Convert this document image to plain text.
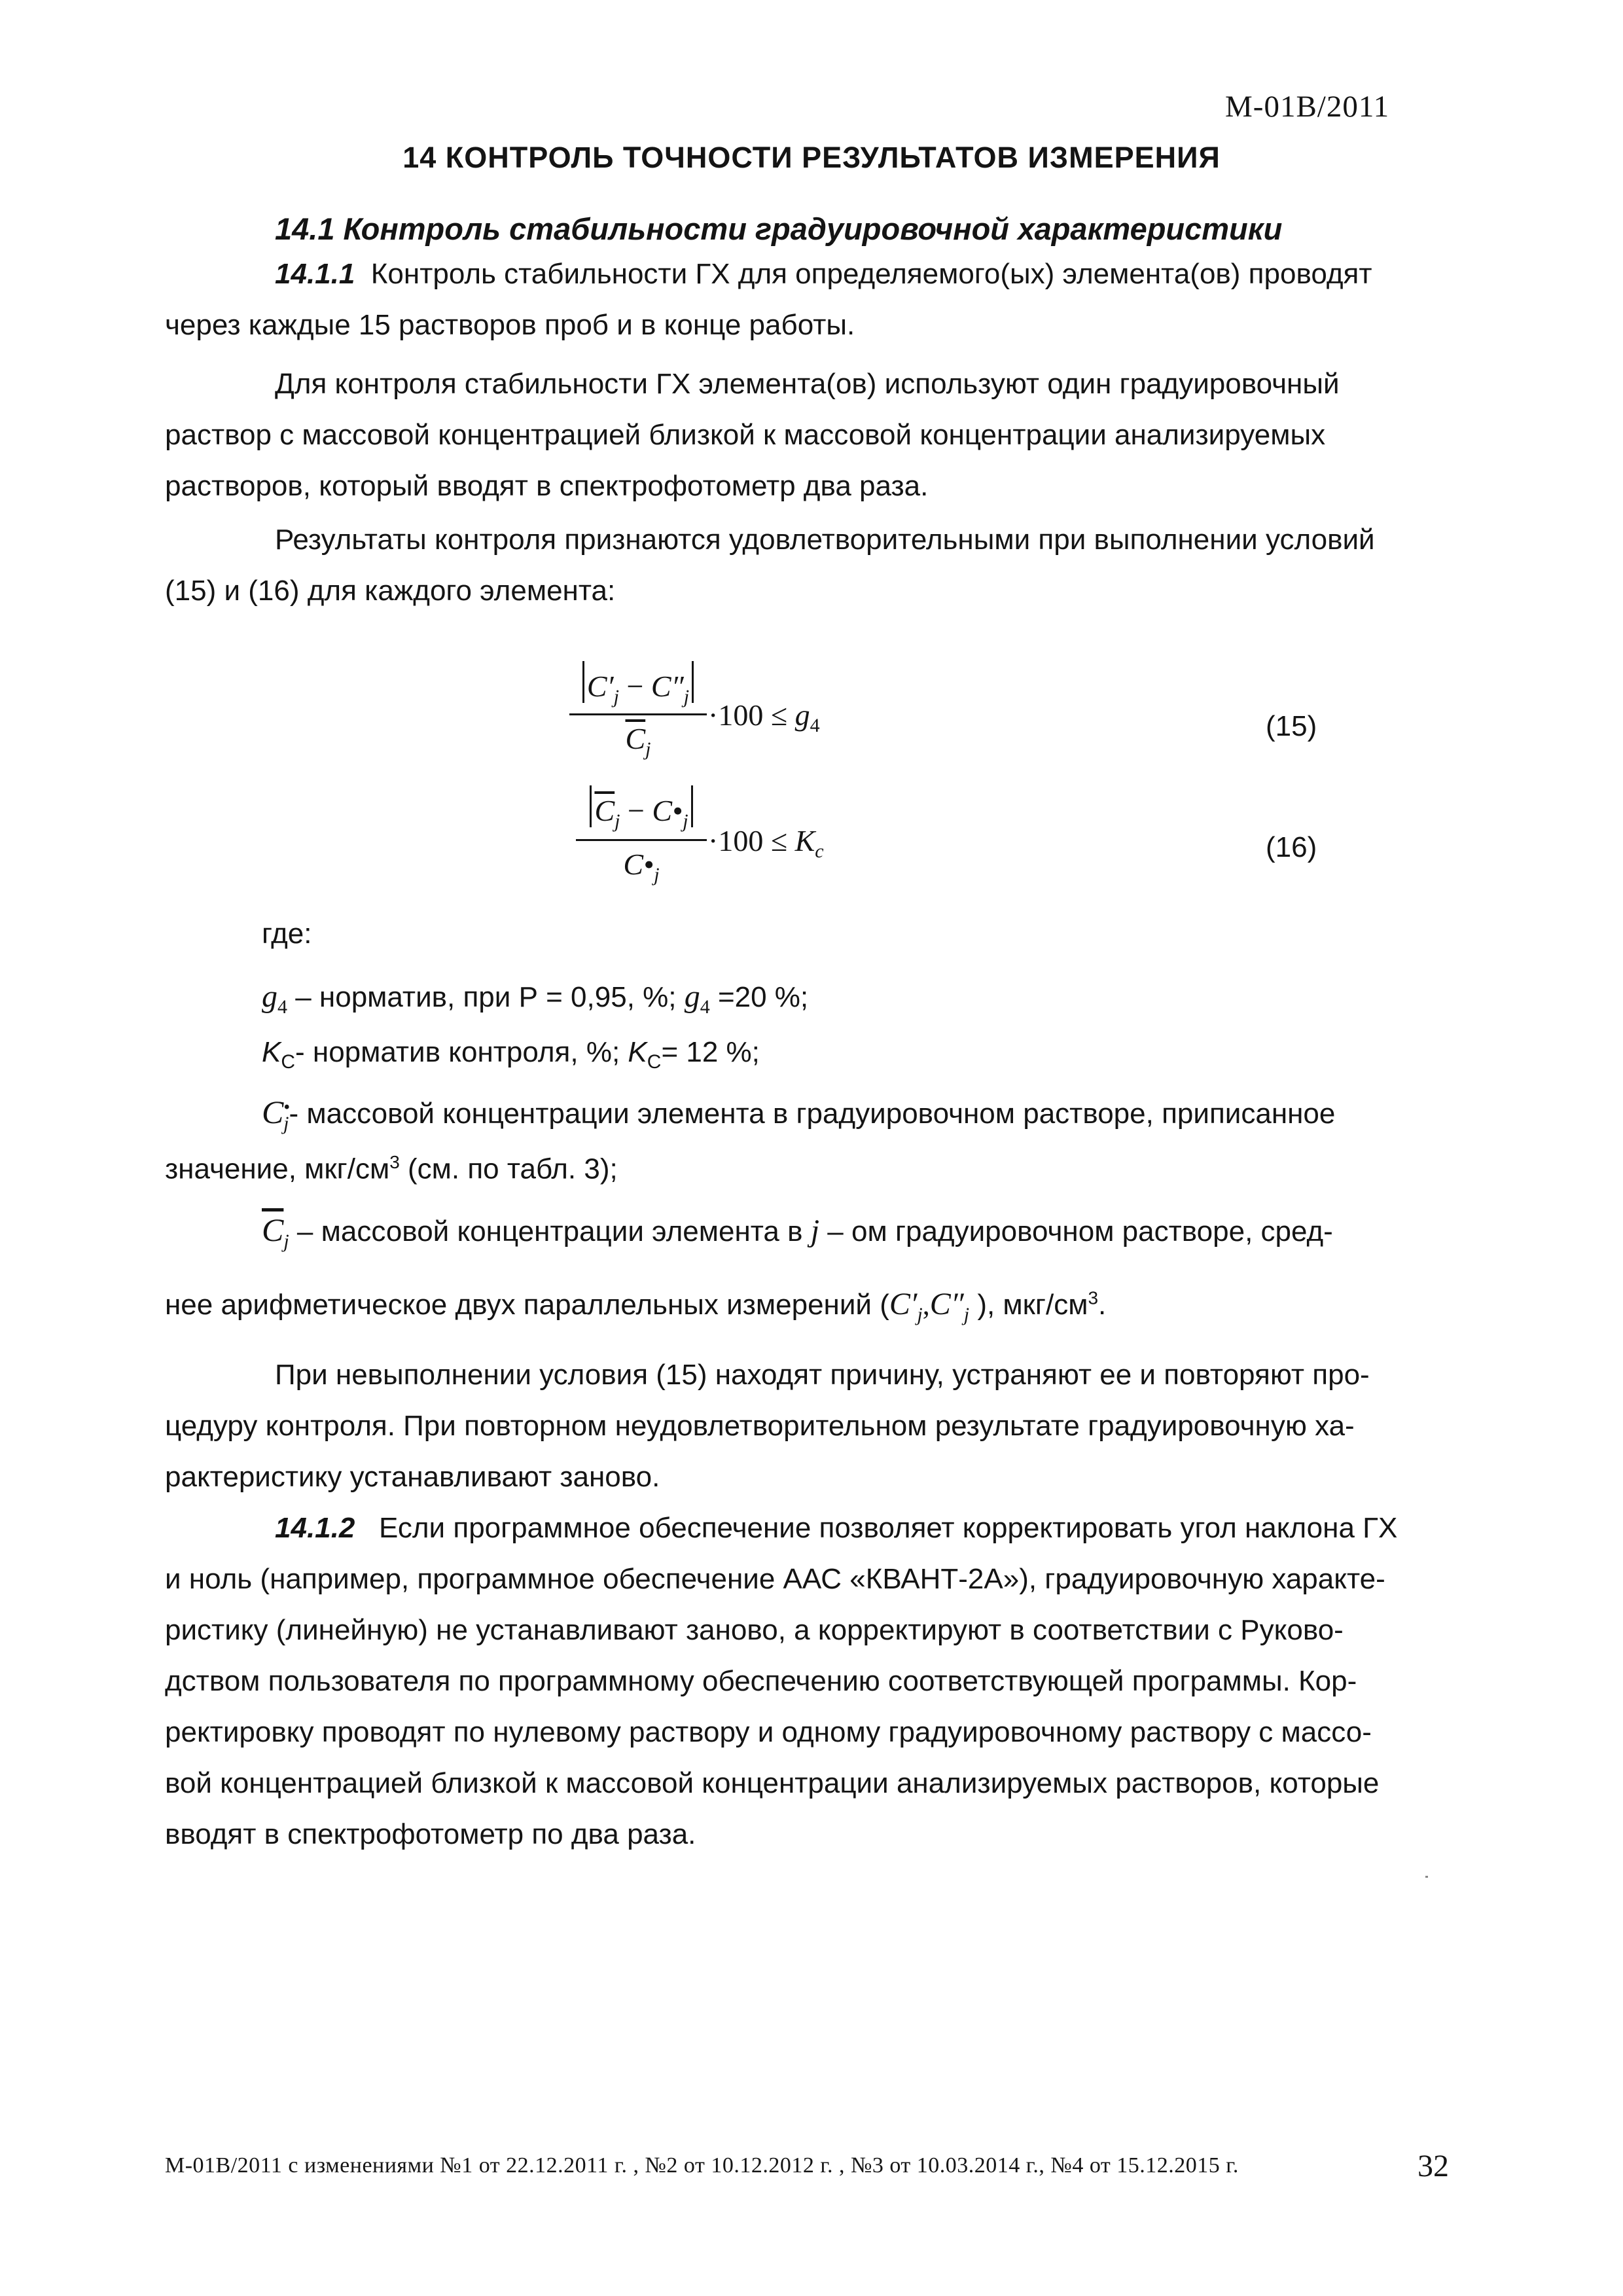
М-01В/2011
14 КОНТРОЛЬ ТОЧНОСТИ РЕЗУЛЬТАТОВ ИЗМЕРЕНИЯ
14.1 Контроль стабильности градуировочной характеристики
14.1.1 Контроль стабильности ГХ для определяемого(ых) элемента(ов) проводят
через каждые 15 растворов проб и в конце работы.
Для контроля стабильности ГХ элемента(ов) используют один градуировочный
раствор с массовой концентрацией близкой к массовой концентрации анализируемых
растворов, который вводят в спектрофотометр два раза.
Результаты контроля признаются удовлетворительными при выполнении условий
(15) и (16) для каждого элемента:
$C'_j - C''_j$
$\overline{C}_j$
$\cdot 100 \le g_4$	(15)
$\overline{C}_j$ − $C•_j$
$C•_j$
$\cdot 100 \le K_c$	(16)
где:
$g_4$ – норматив, при Р = 0,95, %; $g_4 =20$ %;
$K_C-$ норматив контроля, %; $K_C= 12$ %;
$C^•_j-$ массовой концентрации элемента в градуировочном растворе, приписанное
значение, мкг/$см^3$ (см. по табл. 3);
$\overline{C}_j$ – массовой концентрации элемента в j – ом градуировочном растворе, сред-
нее арифметическое двух параллельных измерений ($C'_j,C''_j$ ), мкг/$см^3$.
При невыполнении условия (15) находят причину, устраняют ее и повторяют про-
цедуру контроля. При повторном неудовлетворительном результате градуировочную ха-
рактеристику устанавливают заново.
14.1.2 Если программное обеспечение позволяет корректировать угол наклона ГХ
и ноль (например, программное обеспечение ААС «КВАНТ-2А»), градуировочную характе-
ристику (линейную) не устанавливают заново, а корректируют в соответствии с Руково-
дством пользователя по программному обеспечению соответствующей программы. Кор-
ректировку проводят по нулевому раствору и одному градуировочному раствору с массо-
вой концентрацией близкой к массовой концентрации анализируемых растворов, которые
вводят в спектрофотометр по два раза.
М-01В/2011 с изменениями №1 от 22.12.2011 г. , №2 от 10.12.2012 г. , №3 от 10.03.2014 г., №4 от 15.12.2015 г.	32
